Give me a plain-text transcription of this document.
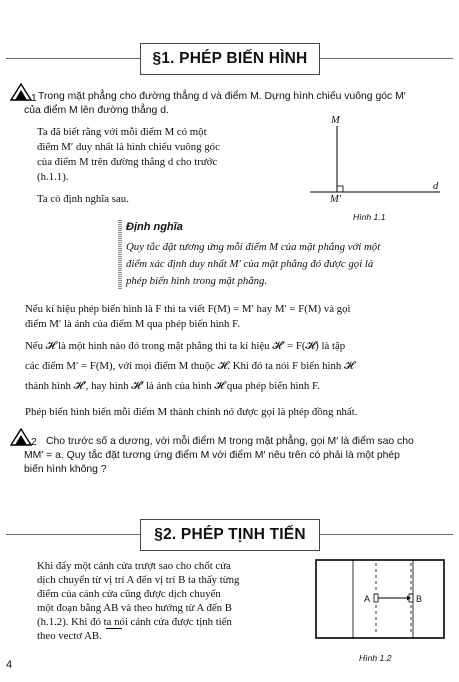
§1. PHÉP BIẾN HÌNH
1 Trong mặt phẳng cho đường thẳng d và điểm M. Dựng hình chiếu vuông góc M′
của điểm M lên đường thẳng d.
Ta đã biết rằng với mỗi điểm M có một
điểm M′ duy nhất là hình chiếu vuông góc
của điểm M trên đường thẳng d cho trước
(h.1.1).
Ta có định nghĩa sau.
M
M′
d
Hình 1.1
Định nghĩa
Quy tắc đặt tương ứng mỗi điểm M của mặt phẳng với một
điểm xác định duy nhất M′ của mặt phẳng đó được gọi là
phép biến hình trong mặt phẳng.
Nếu kí hiệu phép biến hình là F thì ta viết F(M) = M′ hay M′ = F(M) và gọi
điểm M′ là ảnh của điểm M qua phép biến hình F.
Nếu 𝓗 là một hình nào đó trong mặt phẳng thì ta kí hiệu 𝓗′ = F(𝓗) là tập
các điểm M′ = F(M), với mọi điểm M thuộc 𝓗. Khi đó ta nói F biến hình 𝓗
thành hình 𝓗′, hay hình 𝓗′ là ảnh của hình 𝓗 qua phép biến hình F.
Phép biến hình biến mỗi điểm M thành chính nó được gọi là phép đồng nhất.
2 Cho trước số a dương, với mỗi điểm M trong mặt phẳng, gọi M′ là điểm sao cho
MM′ = a. Quy tắc đặt tương ứng điểm M với điểm M′ nêu trên có phải là một phép
biến hình không ?
§2. PHÉP TỊNH TIẾN
Khi đẩy một cánh cửa trượt sao cho chốt cửa
dịch chuyển từ vị trí A đến vị trí B ta thấy từng
điểm của cánh cửa cũng được dịch chuyển
một đoạn bằng AB và theo hướng từ A đến B
(h.1.2). Khi đó ta nói cánh cửa được tịnh tiến
theo vectơ AB.
A	B
Hình 1.2
4
